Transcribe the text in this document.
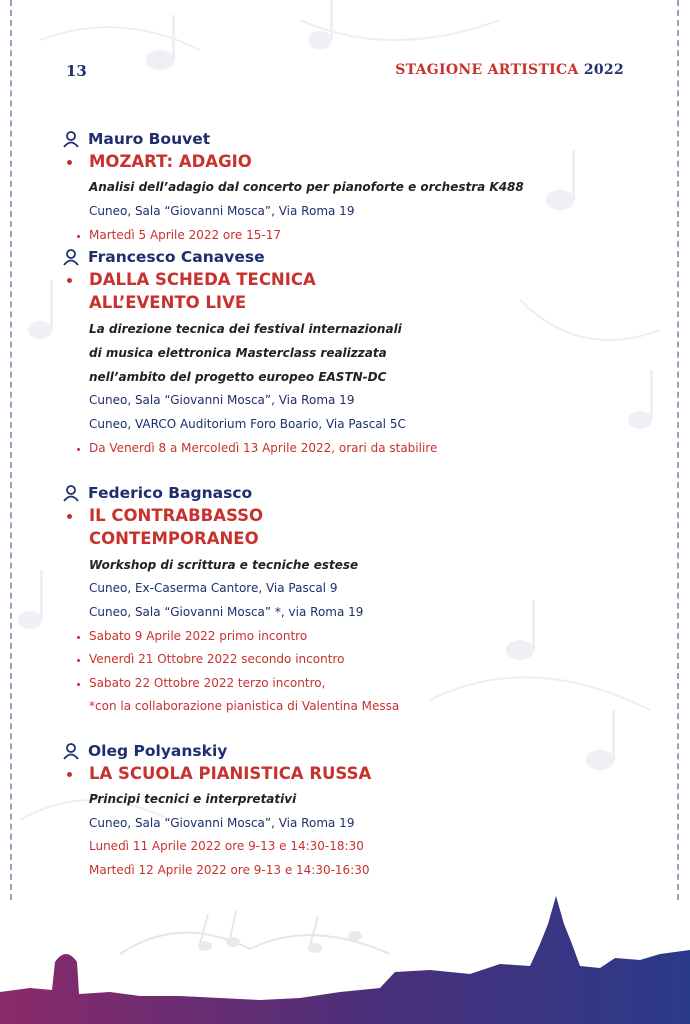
13	STAGIONE ARTISTICA 2022
Mauro Bouvet
MOZART: ADAGIO
Analisi dell’adagio dal concerto per pianoforte e orchestra K488
Cuneo, Sala “Giovanni Mosca”, Via Roma 19
Martedì 5 Aprile 2022 ore 15-17
Francesco Canavese
DALLA SCHEDA TECNICA
ALL’EVENTO LIVE
La direzione tecnica dei festival internazionali
di musica elettronica Masterclass realizzata
nell’ambito del progetto europeo EASTN-DC
Cuneo, Sala “Giovanni Mosca”, Via Roma 19
Cuneo, VARCO Auditorium Foro Boario, Via Pascal 5C
Da Venerdì 8 a Mercoledì 13 Aprile 2022, orari da stabilire
Federico Bagnasco
IL CONTRABBASSO
CONTEMPORANEO
Workshop di scrittura e tecniche estese
Cuneo, Ex-Caserma Cantore, Via Pascal 9
Cuneo, Sala “Giovanni Mosca” *, via Roma 19
Sabato 9 Aprile 2022 primo incontro
Venerdì 21 Ottobre 2022 secondo incontro
Sabato 22 Ottobre 2022 terzo incontro,
*con la collaborazione pianistica di Valentina Messa
Oleg Polyanskiy
LA SCUOLA PIANISTICA RUSSA
Principi tecnici e interpretativi
Cuneo, Sala “Giovanni Mosca”, Via Roma 19
Lunedì 11 Aprile 2022 ore 9-13 e 14:30-18:30
Martedì 12 Aprile 2022 ore 9-13 e 14:30-16:30
